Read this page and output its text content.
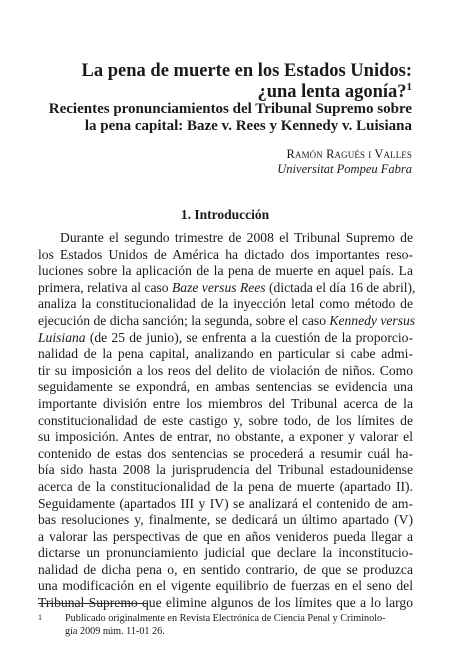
La pena de muerte en los Estados Unidos:
¿una lenta agonía?$^1$
Recientes pronunciamientos del Tribunal Supremo sobre
la pena capital: Baze v. Rees y Kennedy v. Luisiana
Ramón Ragués i Valles
Universitat Pompeu Fabra
1. Introducción
Durante el segundo trimestre de 2008 el Tribunal Supremo de
los Estados Unidos de América ha dictado dos importantes reso-
luciones sobre la aplicación de la pena de muerte en aquel país. La
primera, relativa al caso Baze versus Rees (dictada el día 16 de abril),
analiza la constitucionalidad de la inyección letal como método de
ejecución de dicha sanción; la segunda, sobre el caso Kennedy versus
Luisiana (de 25 de junio), se enfrenta a la cuestión de la proporcio-
nalidad de la pena capital, analizando en particular si cabe admi-
tir su imposición a los reos del delito de violación de niños. Como
seguidamente se expondrá, en ambas sentencias se evidencia una
importante división entre los miembros del Tribunal acerca de la
constitucionalidad de este castigo y, sobre todo, de los límites de
su imposición. Antes de entrar, no obstante, a exponer y valorar el
contenido de estas dos sentencias se procederá a resumir cuál ha-
bía sido hasta 2008 la jurisprudencia del Tribunal estadounidense
acerca de la constitucionalidad de la pena de muerte (apartado II).
Seguidamente (apartados III y IV) se analizará el contenido de am-
bas resoluciones y, finalmente, se dedicará un último apartado (V)
a valorar las perspectivas de que en años venideros pueda llegar a
dictarse un pronunciamiento judicial que declare la inconstitucio-
nalidad de dicha pena o, en sentido contrario, de que se produzca
una modificación en el vigente equilibrio de fuerzas en el seno del
Tribunal Supremo que elimine algunos de los límites que a lo largo
1 Publicado originalmente en Revista Electrónica de Ciencia Penal y Criminolo-
gía 2009 núm. 11-01 26.
